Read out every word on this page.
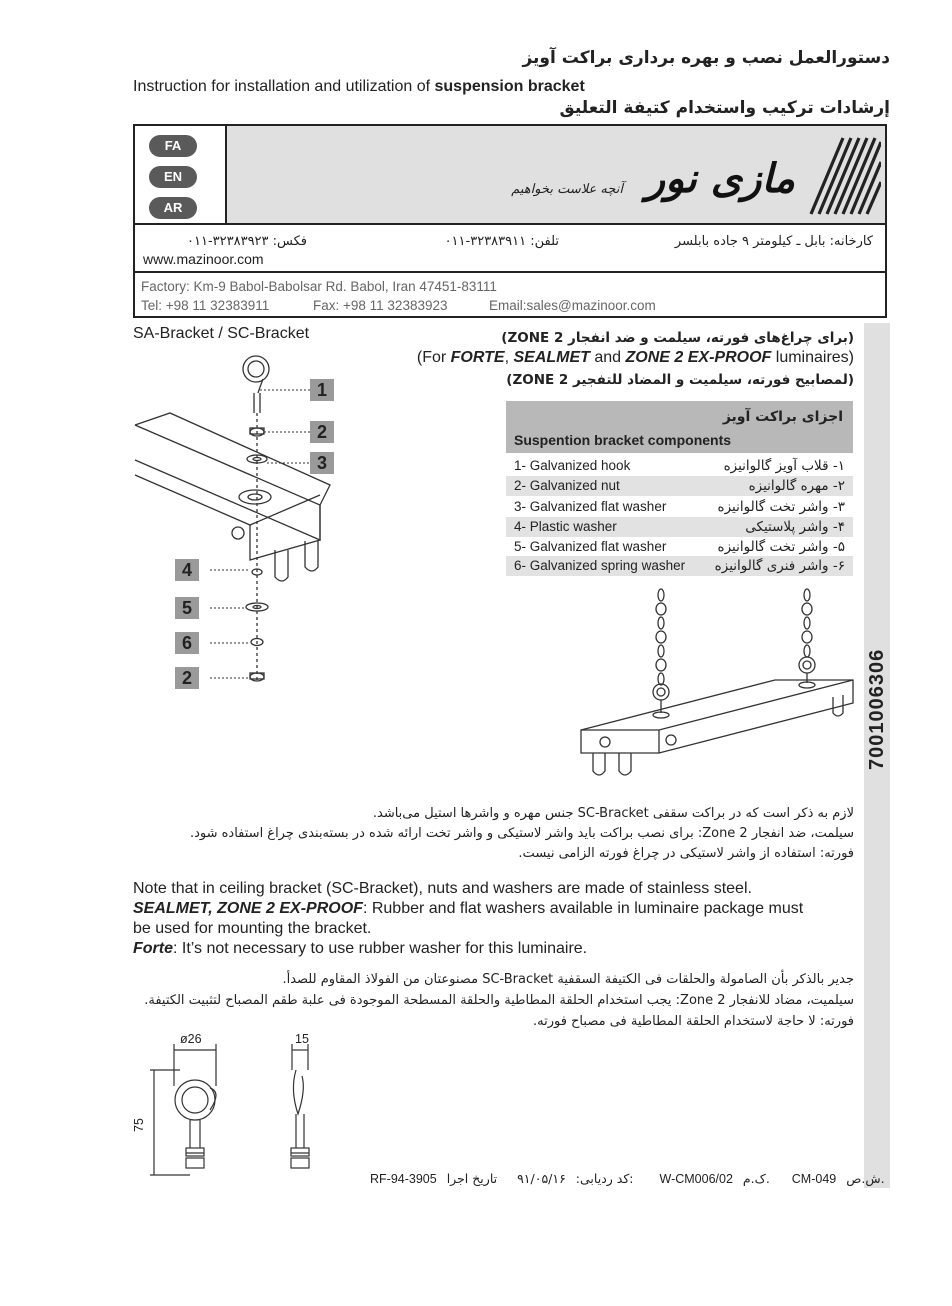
دستورالعمل نصب و بهره برداری براکت آویز
Instruction for installation and utilization of suspension bracket
إرشادات تركيب واستخدام كتيفة التعليق
FA
EN
AR
مازی نور
آنچه علاست بخواهیم
کارخانه: بابل ـ کیلومتر ۹ جاده بابلسر
تلفن: ۳۲۳۸۳۹۱۱-۰۱۱
فکس: ۳۲۳۸۳۹۲۳-۰۱۱
www.mazinoor.com
Factory: Km-9 Babol-Babolsar Rd. Babol, Iran 47451-83111
Tel: +98 11 32383911	Fax: +98 11 32383923	Email:sales@mazinoor.com
7001006306
SA-Bracket / SC-Bracket	(برای چراغ‌های فورته، سیلمت و ضد انفجار ZONE 2)
(For FORTE, SEALMET and ZONE 2 EX-PROOF luminaires)
(لمصابیح فورته، سیلمیت و المضاد للتفجیر ZONE 2)
اجزای براکت آویز
Suspention bracket components
1- Galvanized hook	۱- قلاب آویز گالوانیزه
2- Galvanized nut	۲- مهره گالوانیزه
3- Galvanized flat washer	۳- واشر تخت گالوانیزه
4- Plastic washer	۴- واشر پلاستیکی
5- Galvanized flat washer	۵- واشر تخت گالوانیزه
6- Galvanized spring washer ۶- واشر فنری گالوانیزه
1
2
3
4
5
6
2
لازم به ذکر است که در براکت سقفی SC-Bracket جنس مهره و واشرها استیل می‌باشد.
سیلمت، ضد انفجار Zone 2: برای نصب براکت باید واشر لاستیکی و واشر تخت ارائه شده در بسته‌بندی چراغ استفاده شود.
فورته: استفاده از واشر لاستیکی در چراغ فورته الزامی نیست.
Note that in ceiling bracket (SC-Bracket), nuts and washers are made of stainless steel.
SEALMET, ZONE 2 EX-PROOF: Rubber and flat washers available in luminaire package must
be used for mounting the bracket.
Forte: It’s not necessary to use rubber washer for this luminaire.
جدیر بالذکر بأن الصامولة والحلقات فی الكتيفة السقفية SC-Bracket مصنوعتان من الفولاذ المقاوم للصدأ.
سیلمیت، مضاد للانفجار Zone 2: یجب استخدام الحلقة المطاطیة والحلقة المسطحة الموجودة فی علبة طقم المصباح لتثبیت الكتیفة.
فورته: لا حاجة لاستخدام الحلقة المطاطیة فی مصباح فورته.
ø26	15
75
RF-94-3905	کد ردیابی: ۹۱/۰۵/۱۶ تاریخ اجرا: W-CM006/02 ک.م. CM-049 ش.ص.
